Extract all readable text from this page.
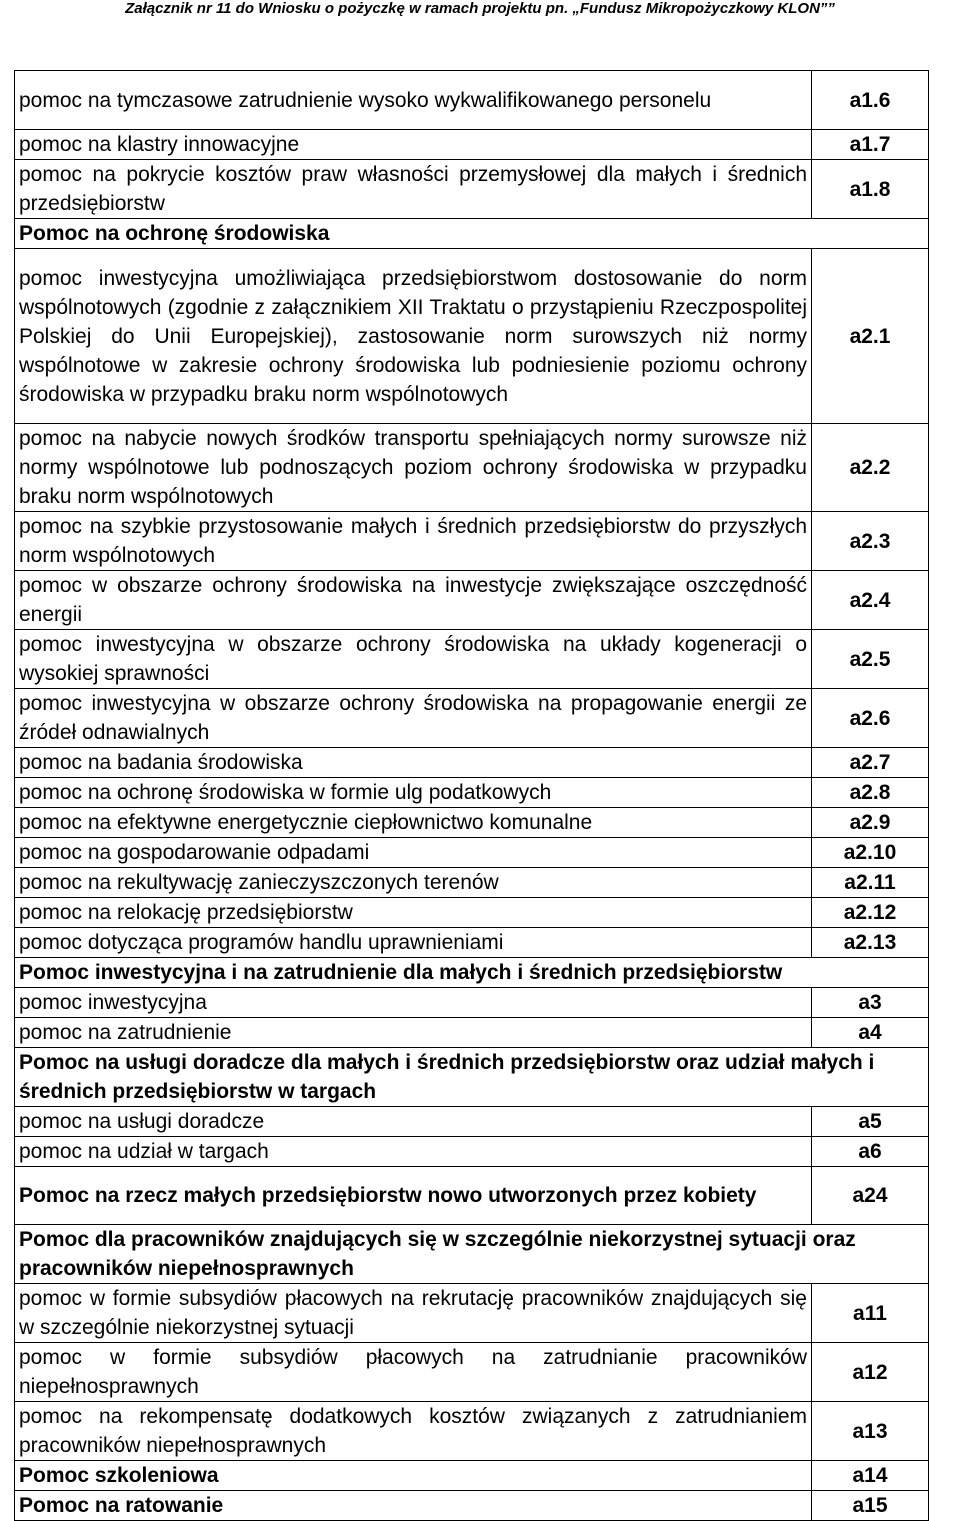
Załącznik nr 11 do Wniosku o pożyczkę w ramach projektu pn. „Fundusz Mikropożyczkowy KLON””
pomoc na tymczasowe zatrudnienie wysoko wykwalifikowanego personelu	a1.6
pomoc na klastry innowacyjne	a1.7
pomoc na pokrycie kosztów praw własności przemysłowej dla małych i średnich przedsiębiorstw	a1.8
Pomoc na ochronę środowiska	
pomoc inwestycyjna umożliwiająca przedsiębiorstwom dostosowanie do norm wspólnotowych (zgodnie z załącznikiem XII Traktatu o przystąpieniu Rzeczpospolitej Polskiej do Unii Europejskiej), zastosowanie norm surowszych niż normy wspólnotowe w zakresie ochrony środowiska lub podniesienie poziomu ochrony środowiska w przypadku braku norm wspólnotowych	a2.1
pomoc na nabycie nowych środków transportu spełniających normy surowsze niż normy wspólnotowe lub podnoszących poziom ochrony środowiska w przypadku braku norm wspólnotowych	a2.2
pomoc na szybkie przystosowanie małych i średnich przedsiębiorstw do przyszłych norm wspólnotowych	a2.3
pomoc w obszarze ochrony środowiska na inwestycje zwiększające oszczędność energii	a2.4
pomoc inwestycyjna w obszarze ochrony środowiska na układy kogeneracji o wysokiej sprawności	a2.5
pomoc inwestycyjna w obszarze ochrony środowiska na propagowanie energii ze źródeł odnawialnych	a2.6
pomoc na badania środowiska	a2.7
pomoc na ochronę środowiska w formie ulg podatkowych	a2.8
pomoc na efektywne energetycznie ciepłownictwo komunalne	a2.9
pomoc na gospodarowanie odpadami	a2.10
pomoc na rekultywację zanieczyszczonych terenów	a2.11
pomoc na relokację przedsiębiorstw	a2.12
pomoc dotycząca programów handlu uprawnieniami	a2.13
Pomoc inwestycyjna i na zatrudnienie dla małych i średnich przedsiębiorstw	
pomoc inwestycyjna	a3
pomoc na zatrudnienie	a4
Pomoc na usługi doradcze dla małych i średnich przedsiębiorstw oraz udział małych i średnich przedsiębiorstw w targach	
pomoc na usługi doradcze	a5
pomoc na udział w targach	a6
Pomoc na rzecz małych przedsiębiorstw nowo utworzonych przez kobiety	a24
Pomoc dla pracowników znajdujących się w szczególnie niekorzystnej sytuacji oraz pracowników niepełnosprawnych	
pomoc w formie subsydiów płacowych na rekrutację pracowników znajdujących się w szczególnie niekorzystnej sytuacji	a11
pomoc w formie subsydiów płacowych na zatrudnianie pracowników niepełnosprawnych	a12
pomoc na rekompensatę dodatkowych kosztów związanych z zatrudnianiem pracowników niepełnosprawnych	a13
Pomoc szkoleniowa	a14
Pomoc na ratowanie	a15
